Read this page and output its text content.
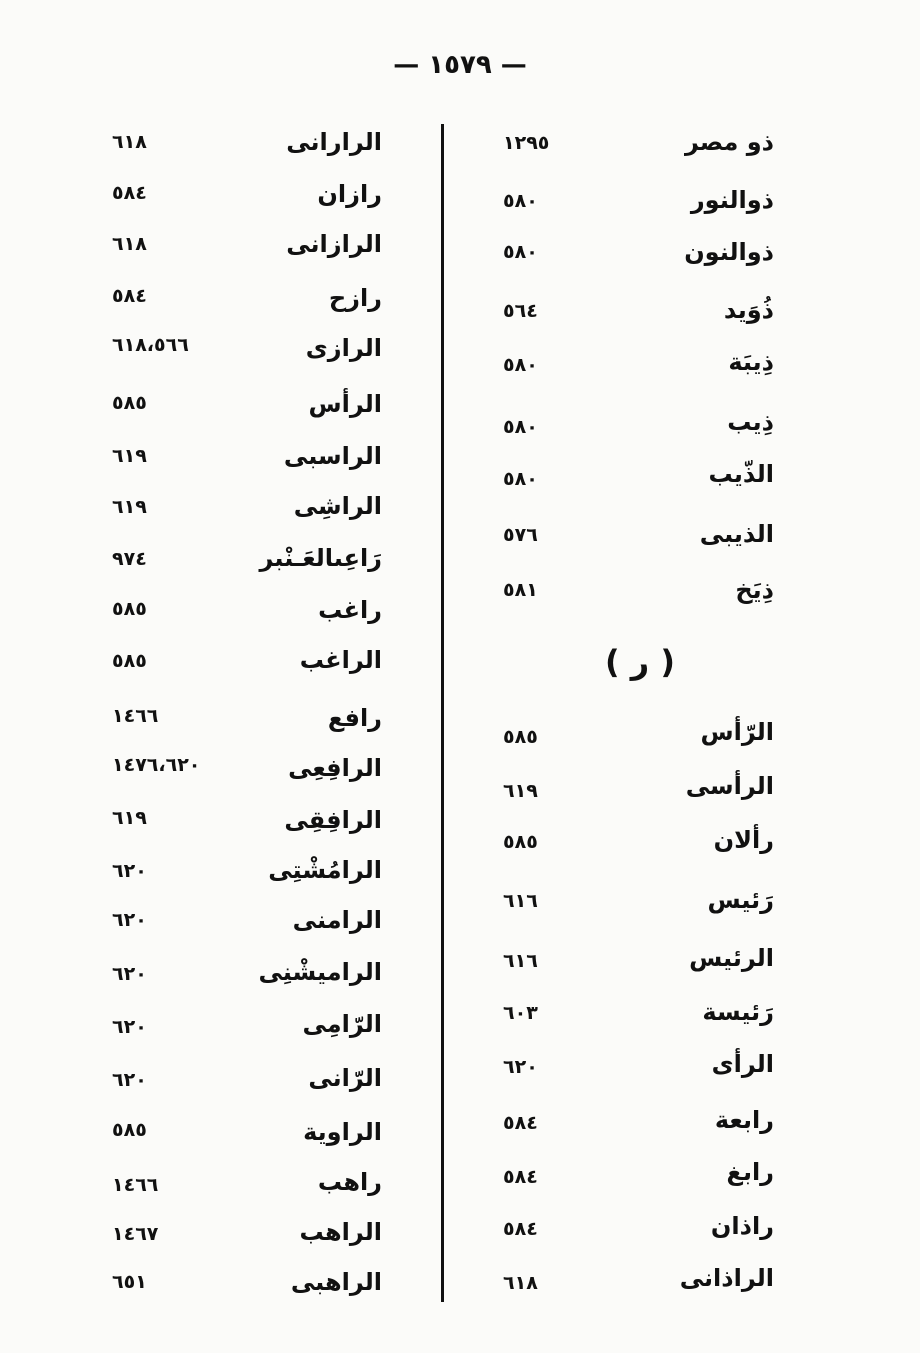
— ١٥٧٩ —
الرارانى
٦١٨
رازان
٥٨٤
الرازانى
٦١٨
رازح
٥٨٤
الرازى
٦١٨،٥٦٦
الرأس
٥٨٥
الراسبى
٦١٩
الراشِى
٦١٩
رَاعِىالعَـنْبر
٩٧٤
راغب
٥٨٥
الراغب
٥٨٥
رافع
١٤٦٦
الرافِعِى
١٤٧٦،٦٢٠
الرافِقِى
٦١٩
الرامُشْتِى
٦٢٠
الرامنى
٦٢٠
الراميشْنِى
٦٢٠
الرّامِى
٦٢٠
الرّانى
٦٢٠
الراوية
٥٨٥
راهب
١٤٦٦
الراهب
١٤٦٧
الراهبى
٦٥١
( ر )
ذو مصر
١٢٩٥
ذوالنور
٥٨٠
ذوالنون
٥٨٠
ذُوَيد
٥٦٤
ذِيبَة
٥٨٠
ذِيب
٥٨٠
الذّيب
٥٨٠
الذيبى
٥٧٦
ذِيَخ
٥٨١
الرّأس
٥٨٥
الرأسى
٦١٩
رألان
٥٨٥
رَئيس
٦١٦
الرئيس
٦١٦
رَئيسة
٦٠٣
الرأى
٦٢٠
رابعة
٥٨٤
رابغ
٥٨٤
راذان
٥٨٤
الراذانى
٦١٨
